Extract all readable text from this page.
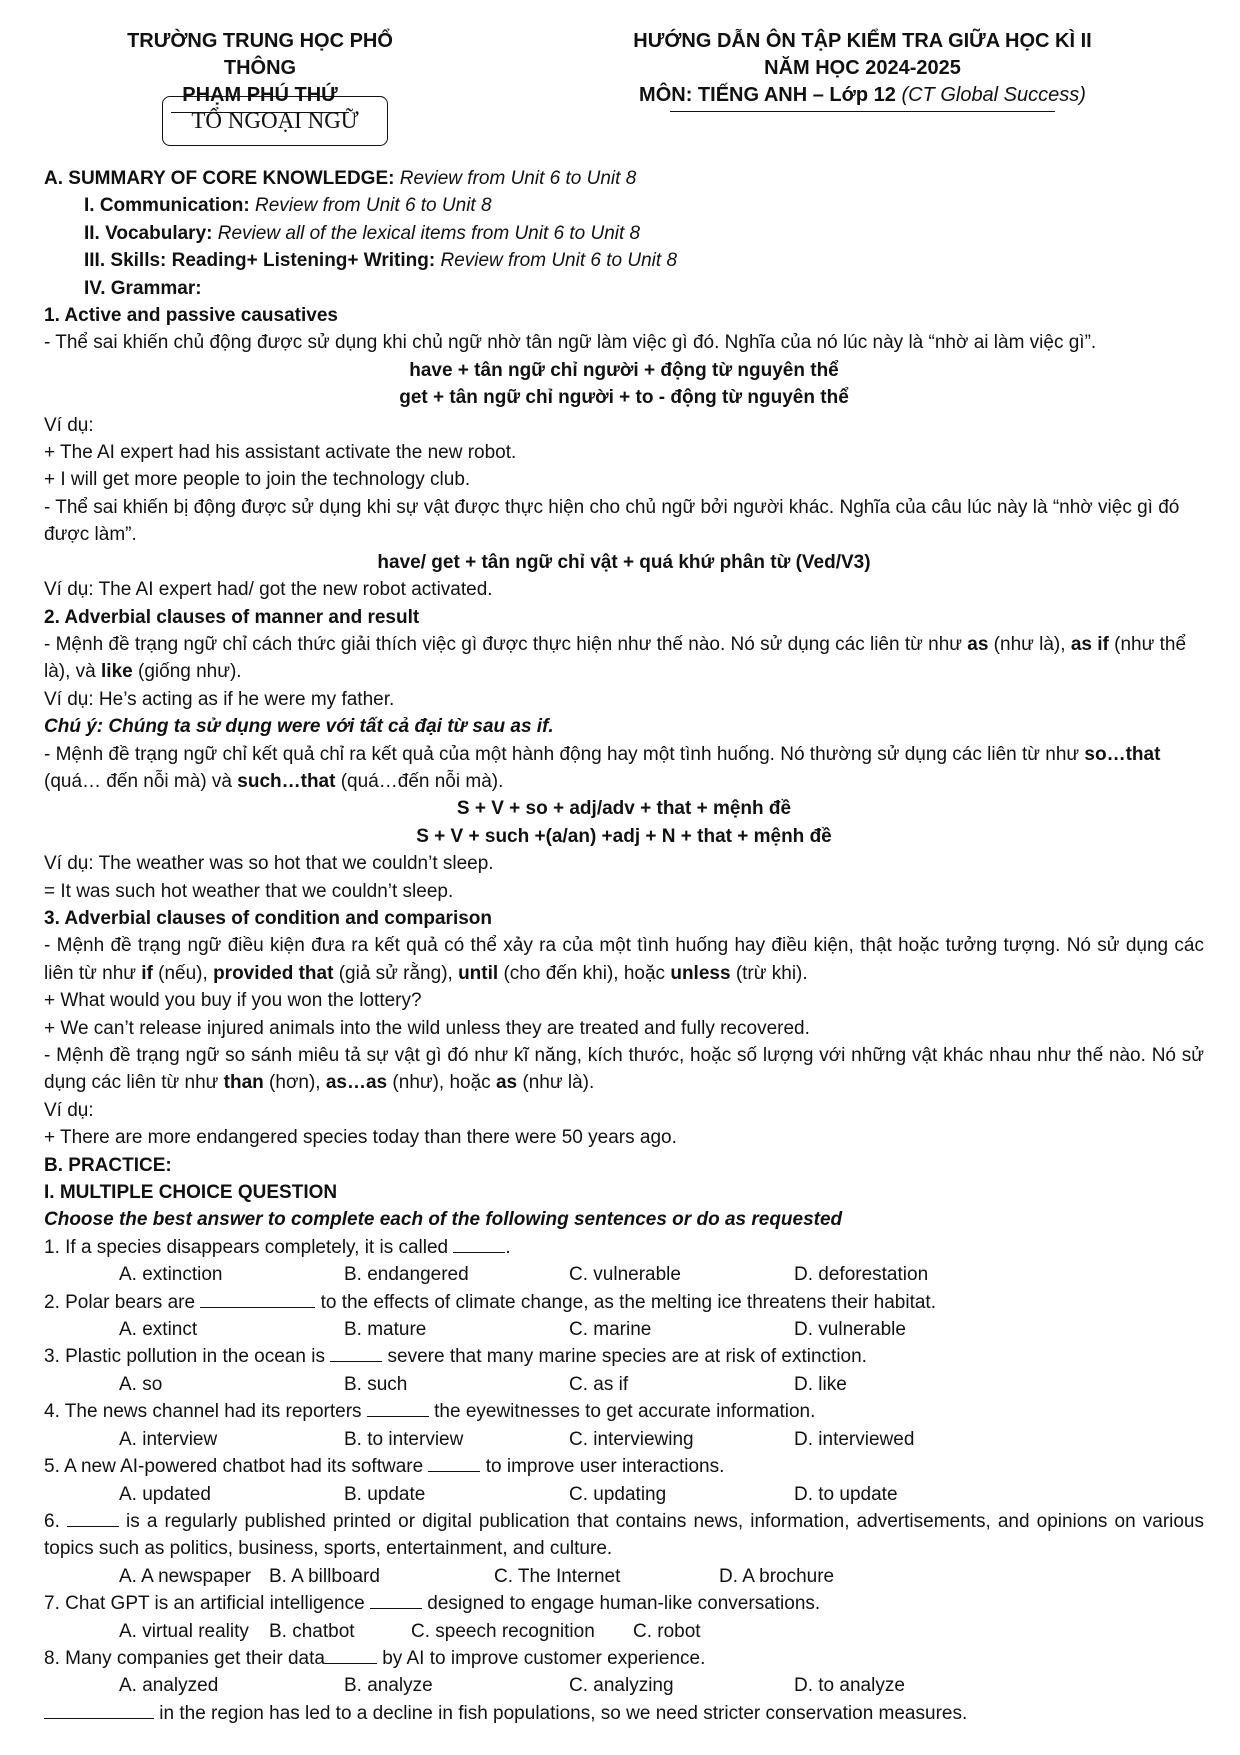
TRƯỜNG TRUNG HỌC PHỔ THÔNG
PHẠM PHÚ THỨ
TỔ NGOẠI NGỮ
HƯỚNG DẪN ÔN TẬP KIỂM TRA GIỮA HỌC KÌ II
NĂM HỌC 2024-2025
MÔN: TIẾNG ANH – Lớp 12 (CT Global Success)

A. SUMMARY OF CORE KNOWLEDGE: Review from Unit 6 to Unit 8

I. Communication: Review from Unit 6 to Unit 8

II. Vocabulary: Review all of the lexical items from Unit 6 to Unit 8

III. Skills: Reading+ Listening+ Writing: Review from Unit 6 to Unit 8

IV. Grammar:

1. Active and passive causatives

- Thể sai khiến chủ động được sử dụng khi chủ ngữ nhờ tân ngữ làm việc gì đó. Nghĩa của nó lúc này là “nhờ ai làm việc gì”.

have + tân ngữ chỉ người + động từ nguyên thể

get + tân ngữ chỉ người + to - động từ nguyên thể

Ví dụ:

+ The AI expert had his assistant activate the new robot.

+ I will get more people to join the technology club.

- Thể sai khiến bị động được sử dụng khi sự vật được thực hiện cho chủ ngữ bởi người khác. Nghĩa của câu lúc này là “nhờ việc gì đó được làm”.

have/ get + tân ngữ chỉ vật + quá khứ phân từ (Ved/V3)

Ví dụ: The AI expert had/ got the new robot activated.

2. Adverbial clauses of manner and result

- Mệnh đề trạng ngữ chỉ cách thức giải thích việc gì được thực hiện như thế nào. Nó sử dụng các liên từ như as (như là), as if (như thể là), và like (giống như).

Ví dụ: He’s acting as if he were my father.

Chú ý: Chúng ta sử dụng were với tất cả đại từ sau as if.

- Mệnh đề trạng ngữ chỉ kết quả chỉ ra kết quả của một hành động hay một tình huống. Nó thường sử dụng các liên từ như so…that (quá… đến nỗi mà) và such…that (quá…đến nỗi mà).

S + V + so + adj/adv + that + mệnh đề

S + V + such +(a/an) +adj + N + that + mệnh đề

Ví dụ: The weather was so hot that we couldn’t sleep.

= It was such hot weather that we couldn’t sleep.

3. Adverbial clauses of condition and comparison

- Mệnh đề trạng ngữ điều kiện đưa ra kết quả có thể xảy ra của một tình huống hay điều kiện, thật hoặc tưởng tượng. Nó sử dụng các liên từ như if (nếu), provided that (giả sử rằng), until (cho đến khi), hoặc unless (trừ khi).

+ What would you buy if you won the lottery?

+ We can’t release injured animals into the wild unless they are treated and fully recovered.

- Mệnh đề trạng ngữ so sánh miêu tả sự vật gì đó như kĩ năng, kích thước, hoặc số lượng với những vật khác nhau như thế nào. Nó sử dụng các liên từ như than (hơn), as…as (như), hoặc as (như là).

Ví dụ:

+ There are more endangered species today than there were 50 years ago.

B. PRACTICE:

I. MULTIPLE CHOICE QUESTION

Choose the best answer to complete each of the following sentences or do as requested

1. If a species disappears completely, it is called	.

A. extinction	B. endangered	C. vulnerable	D. deforestation

2. Polar bears are	to the effects of climate change, as the melting ice threatens their habitat.

A. extinct	B. mature	C. marine	D. vulnerable

3. Plastic pollution in the ocean is	severe that many marine species are at risk of extinction.

A. so	B. such	C. as if	D. like

4. The news channel had its reporters	the eyewitnesses to get accurate information.

A. interview	B. to interview	C. interviewing	D. interviewed

5. A new AI-powered chatbot had its software	to improve user interactions.

A. updated	B. update	C. updating	D. to update

6.	is a regularly published printed or digital publication that contains news, information, advertisements, and opinions on various topics such as politics, business, sports, entertainment, and culture.

A. A newspaper B. A billboard	C. The Internet	D. A brochure

7. Chat GPT is an artificial intelligence	designed to engage human-like conversations.

A. virtual reality	B. chatbot	C. speech recognition	C. robot

8. Many companies get their data	by AI to improve customer experience.

A. analyzed	B. analyze	C. analyzing	D. to analyze

in the region has led to a decline in fish populations, so we need stricter conservation measures.
